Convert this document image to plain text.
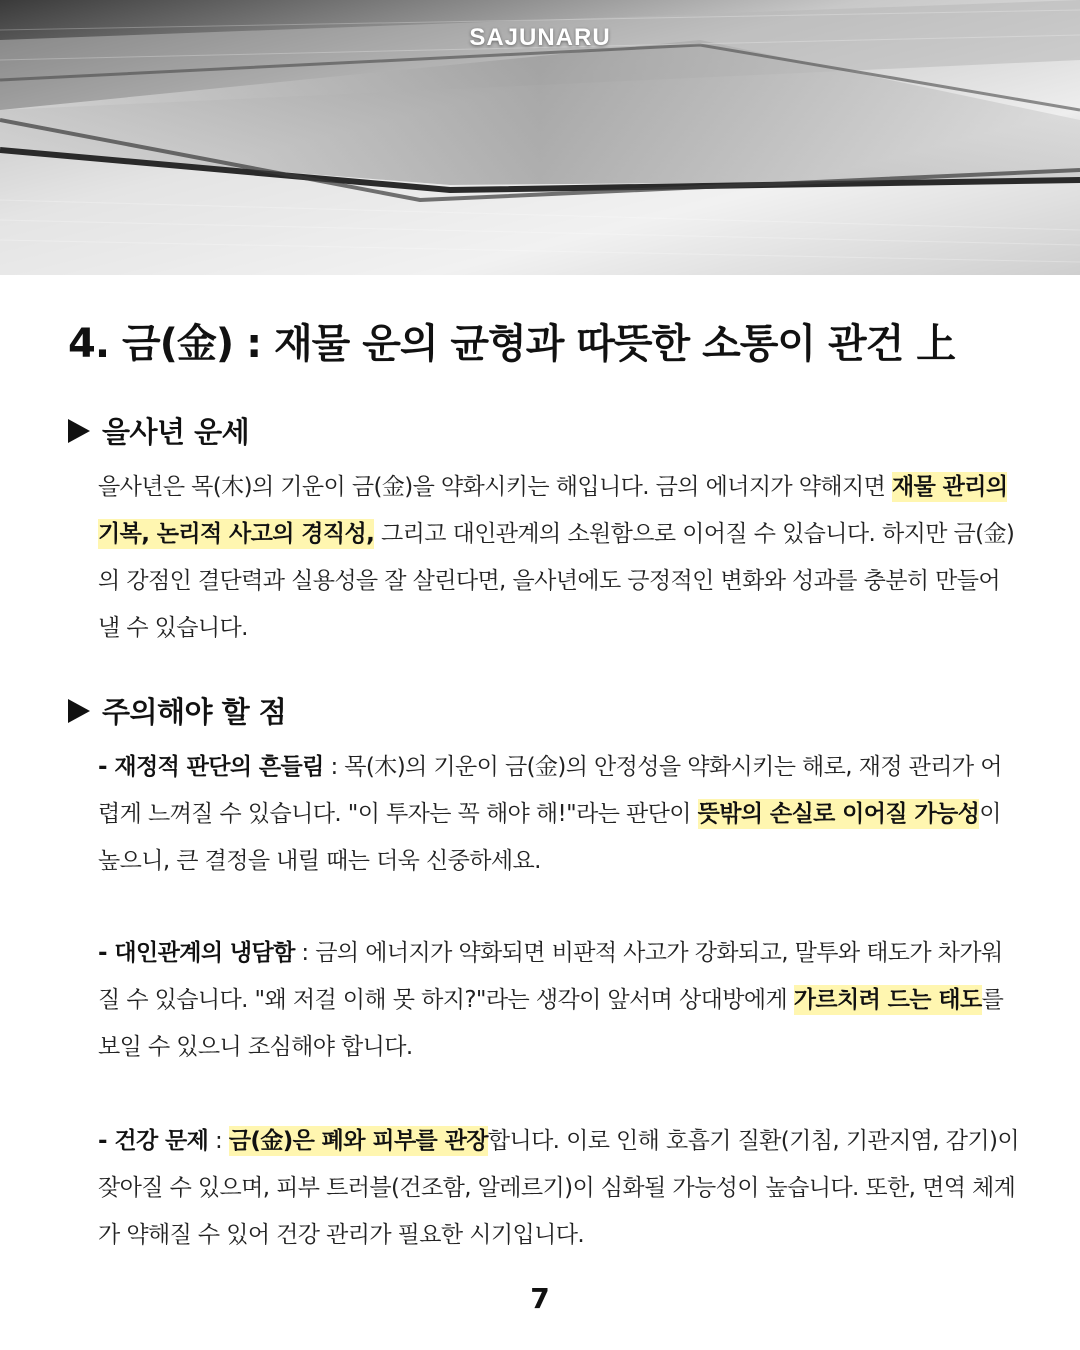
SAJUNARU
4. 금(金) : 재물 운의 균형과 따뜻한 소통이 관건 上
을사년 운세

을사년은 목(木)의 기운이 금(金)을 약화시키는 해입니다. 금의 에너지가 약해지면 재물 관리의 기복, 논리적 사고의 경직성, 그리고 대인관계의 소원함으로 이어질 수 있습니다. 하지만 금(金)의 강점인 결단력과 실용성을 잘 살린다면, 을사년에도 긍정적인 변화와 성과를 충분히 만들어낼 수 있습니다.

주의해야 할 점

- 재정적 판단의 흔들림 : 목(木)의 기운이 금(金)의 안정성을 약화시키는 해로, 재정 관리가 어렵게 느껴질 수 있습니다. "이 투자는 꼭 해야 해!"라는 판단이 뜻밖의 손실로 이어질 가능성이 높으니, 큰 결정을 내릴 때는 더욱 신중하세요.

- 대인관계의 냉담함 : 금의 에너지가 약화되면 비판적 사고가 강화되고, 말투와 태도가 차가워질 수 있습니다. "왜 저걸 이해 못 하지?"라는 생각이 앞서며 상대방에게 가르치려 드는 태도를 보일 수 있으니 조심해야 합니다.

- 건강 문제 : 금(金)은 폐와 피부를 관장합니다. 이로 인해 호흡기 질환(기침, 기관지염, 감기)이 잦아질 수 있으며, 피부 트러블(건조함, 알레르기)이 심화될 가능성이 높습니다. 또한, 면역 체계가 약해질 수 있어 건강 관리가 필요한 시기입니다.

7
